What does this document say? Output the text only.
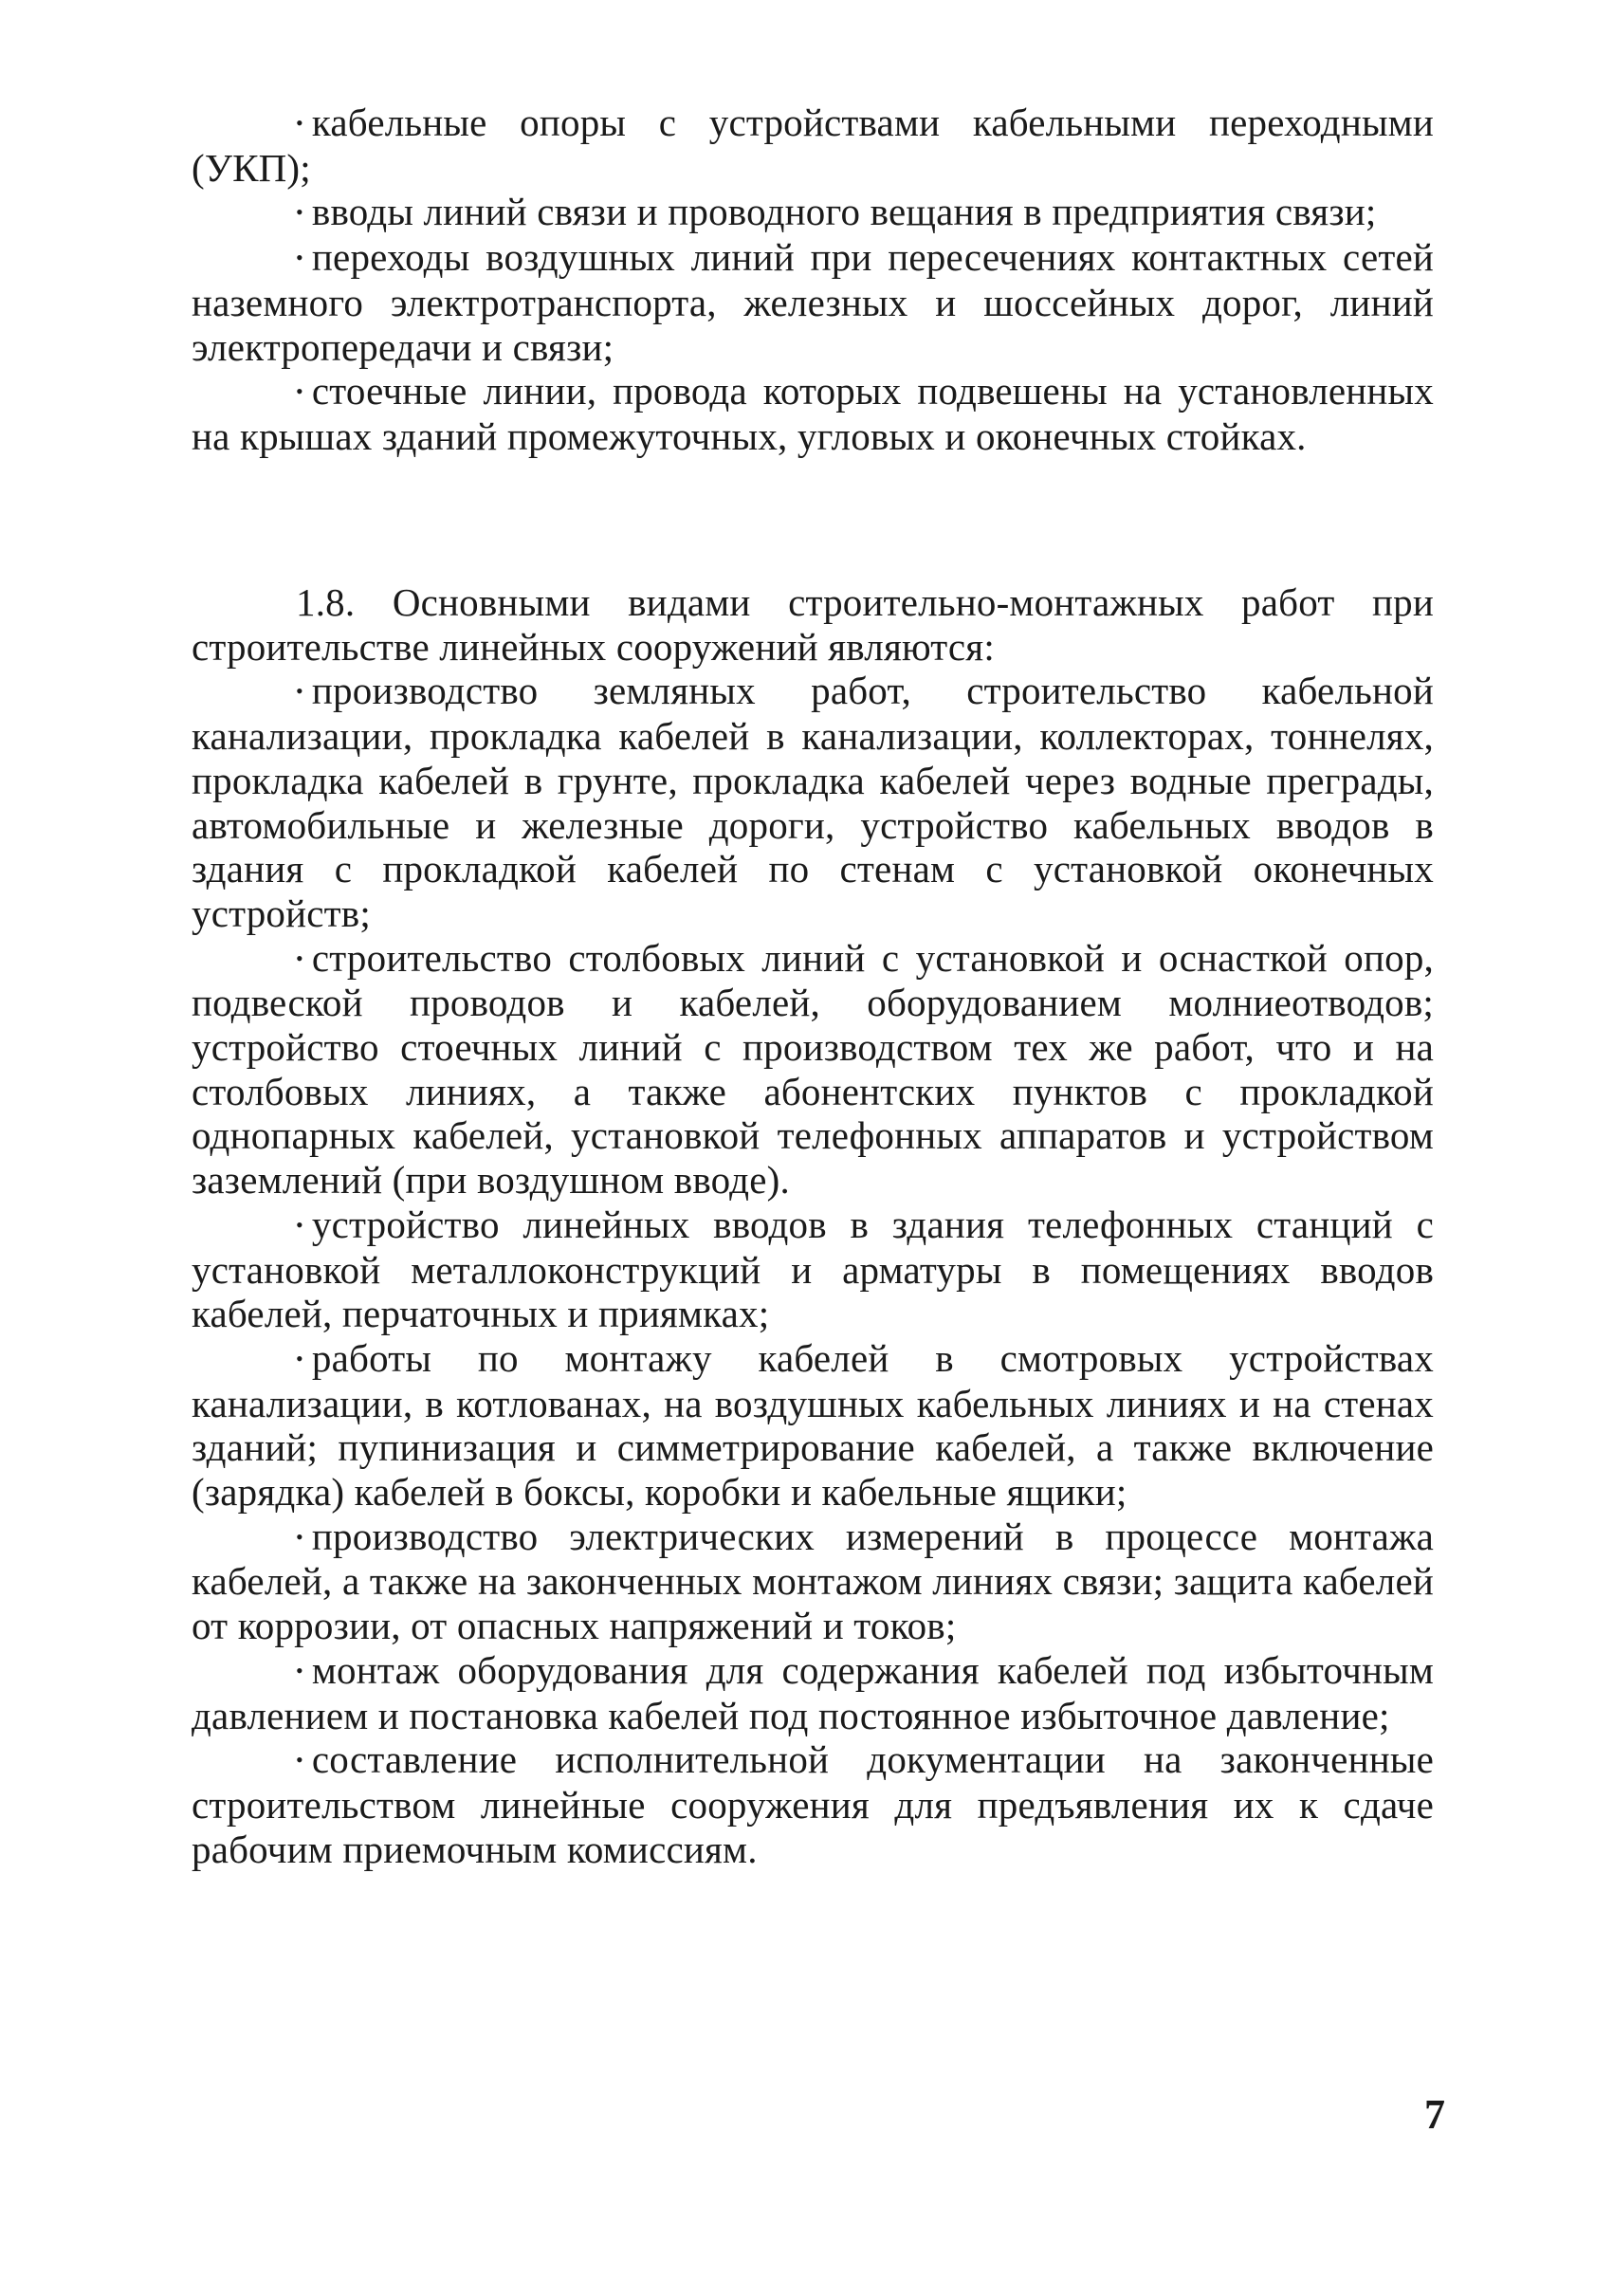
• кабельные опоры с устройствами кабельными переходными (УКП);

• вводы линий связи и проводного вещания в предприятия связи;

• переходы воздушных линий при пересечениях контактных сетей наземного электротранспорта, железных и шоссейных дорог, линий электропередачи и связи;

• стоечные линии, провода которых подвешены на установленных на крышах зданий промежуточных, угловых и оконечных стойках.

1.8. Основными видами строительно-монтажных работ при строительстве линейных сооружений являются:

• производство земляных работ, строительство кабельной канализации, прокладка кабелей в канализации, коллекторах, тоннелях, прокладка кабелей в грунте, прокладка кабелей через водные преграды, автомобильные и железные дороги, устройство кабельных вводов в здания с прокладкой кабелей по стенам с установкой оконечных устройств;

• строительство столбовых линий с установкой и оснасткой опор, подвеской проводов и кабелей, оборудованием молниеотводов; устройство стоечных линий с производством тех же работ, что и на столбовых линиях, а также абонентских пунктов с прокладкой однопарных кабелей, установкой телефонных аппаратов и устройством заземлений (при воздушном вводе).

• устройство линейных вводов в здания телефонных станций с установкой металлоконструкций и арматуры в помещениях вводов кабелей, перчаточных и приямках;

• работы по монтажу кабелей в смотровых устройствах канализации, в котлованах, на воздушных кабельных линиях и на стенах зданий; пупинизация и симметрирование кабелей, а также включение (зарядка) кабелей в боксы, коробки и кабельные ящики;

• производство электрических измерений в процессе монтажа кабелей, а также на законченных монтажом линиях связи; защита кабелей от коррозии, от опасных напряжений и токов;

• монтаж оборудования для содержания кабелей под избыточным давлением и постановка кабелей под постоянное избыточное давление;

• составление исполнительной документации на законченные строительством линейные сооружения для предъявления их к сдаче рабочим приемочным комиссиям.

7
